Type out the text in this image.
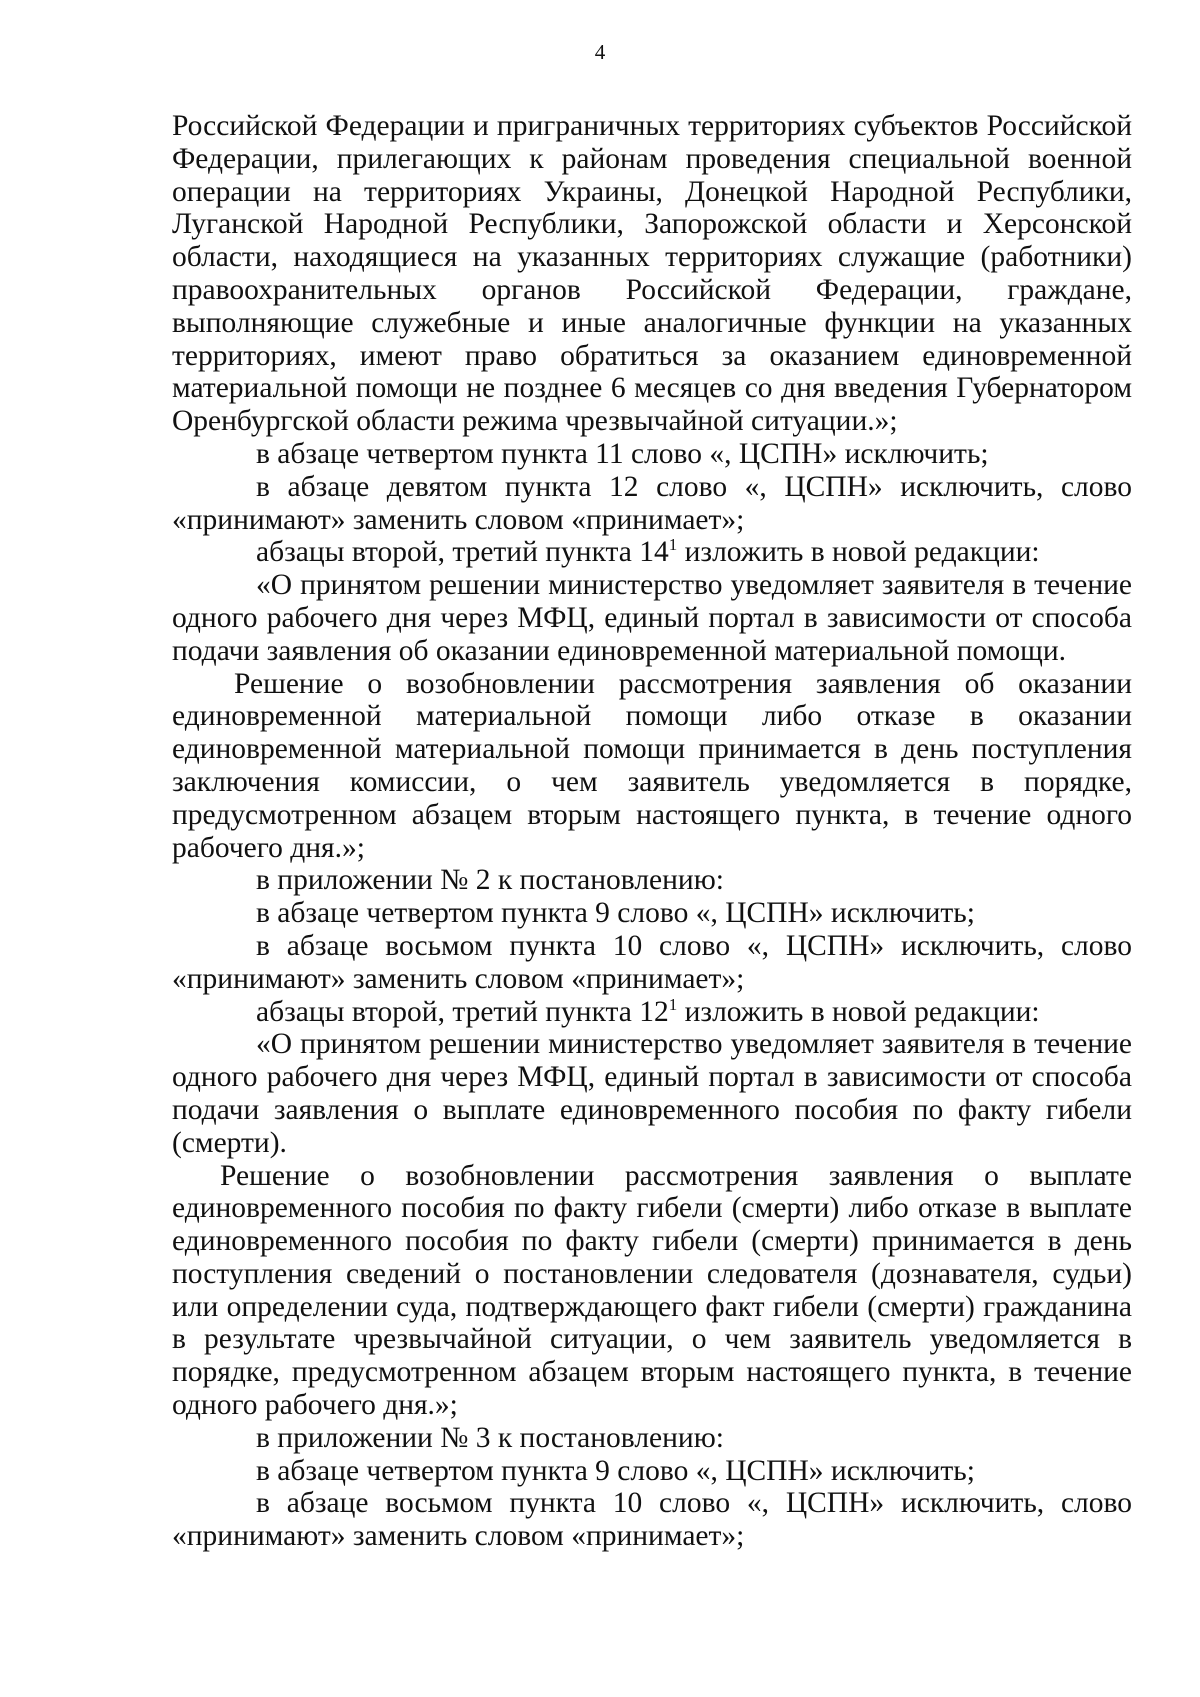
4

Российской Федерации и приграничных территориях субъектов Российской Федерации, прилегающих к районам проведения специальной военной операции на территориях Украины, Донецкой Народной Республики, Луганской Народной Республики, Запорожской области и Херсонской области, находящиеся на указанных территориях служащие (работники) правоохранительных органов Российской Федерации, граждане, выполняющие служебные и иные аналогичные функции на указанных территориях, имеют право обратиться за оказанием единовременной материальной помощи не позднее 6 месяцев со дня введения Губернатором Оренбургской области режима чрезвычайной ситуации.»;

в абзаце четвертом пункта 11 слово «, ЦСПН» исключить;

в абзаце девятом пункта 12 слово «, ЦСПН» исключить, слово «принимают» заменить словом «принимает»;

абзацы второй, третий пункта $14^1$ изложить в новой редакции:

«О принятом решении министерство уведомляет заявителя в течение одного рабочего дня через МФЦ, единый портал в зависимости от способа подачи заявления об оказании единовременной материальной помощи.

Решение о возобновлении рассмотрения заявления об оказании единовременной материальной помощи либо отказе в оказании единовременной материальной помощи принимается в день поступления заключения комиссии, о чем заявитель уведомляется в порядке, предусмотренном абзацем вторым настоящего пункта, в течение одного рабочего дня.»;

в приложении № 2 к постановлению:

в абзаце четвертом пункта 9 слово «, ЦСПН» исключить;

в абзаце восьмом пункта 10 слово «, ЦСПН» исключить, слово «принимают» заменить словом «принимает»;

абзацы второй, третий пункта $12^1$ изложить в новой редакции:

«О принятом решении министерство уведомляет заявителя в течение одного рабочего дня через МФЦ, единый портал в зависимости от способа подачи заявления о выплате единовременного пособия по факту гибели (смерти).

Решение о возобновлении рассмотрения заявления о выплате единовременного пособия по факту гибели (смерти) либо отказе в выплате единовременного пособия по факту гибели (смерти) принимается в день поступления сведений о постановлении следователя (дознавателя, судьи) или определении суда, подтверждающего факт гибели (смерти) гражданина в результате чрезвычайной ситуации, о чем заявитель уведомляется в порядке, предусмотренном абзацем вторым настоящего пункта, в течение одного рабочего дня.»;

в приложении № 3 к постановлению:

в абзаце четвертом пункта 9 слово «, ЦСПН» исключить;

в абзаце восьмом пункта 10 слово «, ЦСПН» исключить, слово «принимают» заменить словом «принимает»;
